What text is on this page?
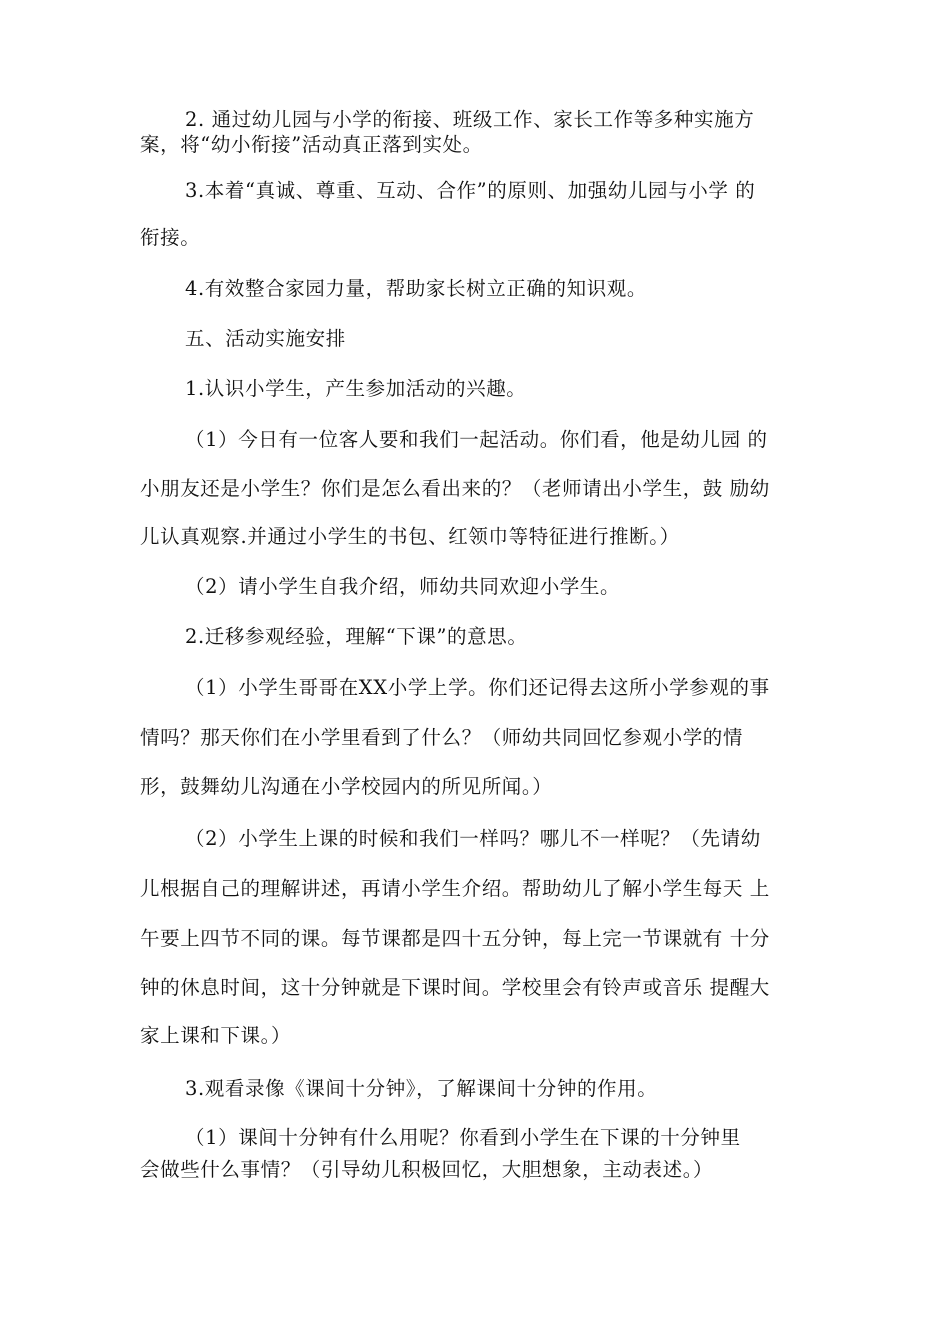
2. 通过幼儿园与小学的衔接、班级工作、家长工作等多种实施方
案，将“幼小衔接”活动真正落到实处。
3.本着“真诚、尊重、互动、合作”的原则、加强幼儿园与小学 的
衔接。
4.有效整合家园力量，帮助家长树立正确的知识观。
五、活动实施安排
1.认识小学生，产生参加活动的兴趣。
（1）今日有一位客人要和我们一起活动。你们看，他是幼儿园 的
小朋友还是小学生？你们是怎么看出来的？（老师请出小学生，鼓 励幼
儿认真观察.并通过小学生的书包、红领巾等特征进行推断。）
（2）请小学生自我介绍，师幼共同欢迎小学生。
2.迁移参观经验，理解“下课”的意思。
（1）小学生哥哥在XX小学上学。你们还记得去这所小学参观的事
情吗？那天你们在小学里看到了什么？（师幼共同回忆参观小学的情
形，鼓舞幼儿沟通在小学校园内的所见所闻。）
（2）小学生上课的时候和我们一样吗？哪儿不一样呢？（先请幼
儿根据自己的理解讲述，再请小学生介绍。帮助幼儿了解小学生每天 上
午要上四节不同的课。每节课都是四十五分钟，每上完一节课就有 十分
钟的休息时间，这十分钟就是下课时间。学校里会有铃声或音乐 提醒大
家上课和下课。）
3.观看录像《课间十分钟》，了解课间十分钟的作用。
（1）课间十分钟有什么用呢？你看到小学生在下课的十分钟里
会做些什么事情？（引导幼儿积极回忆，大胆想象，主动表述。）
